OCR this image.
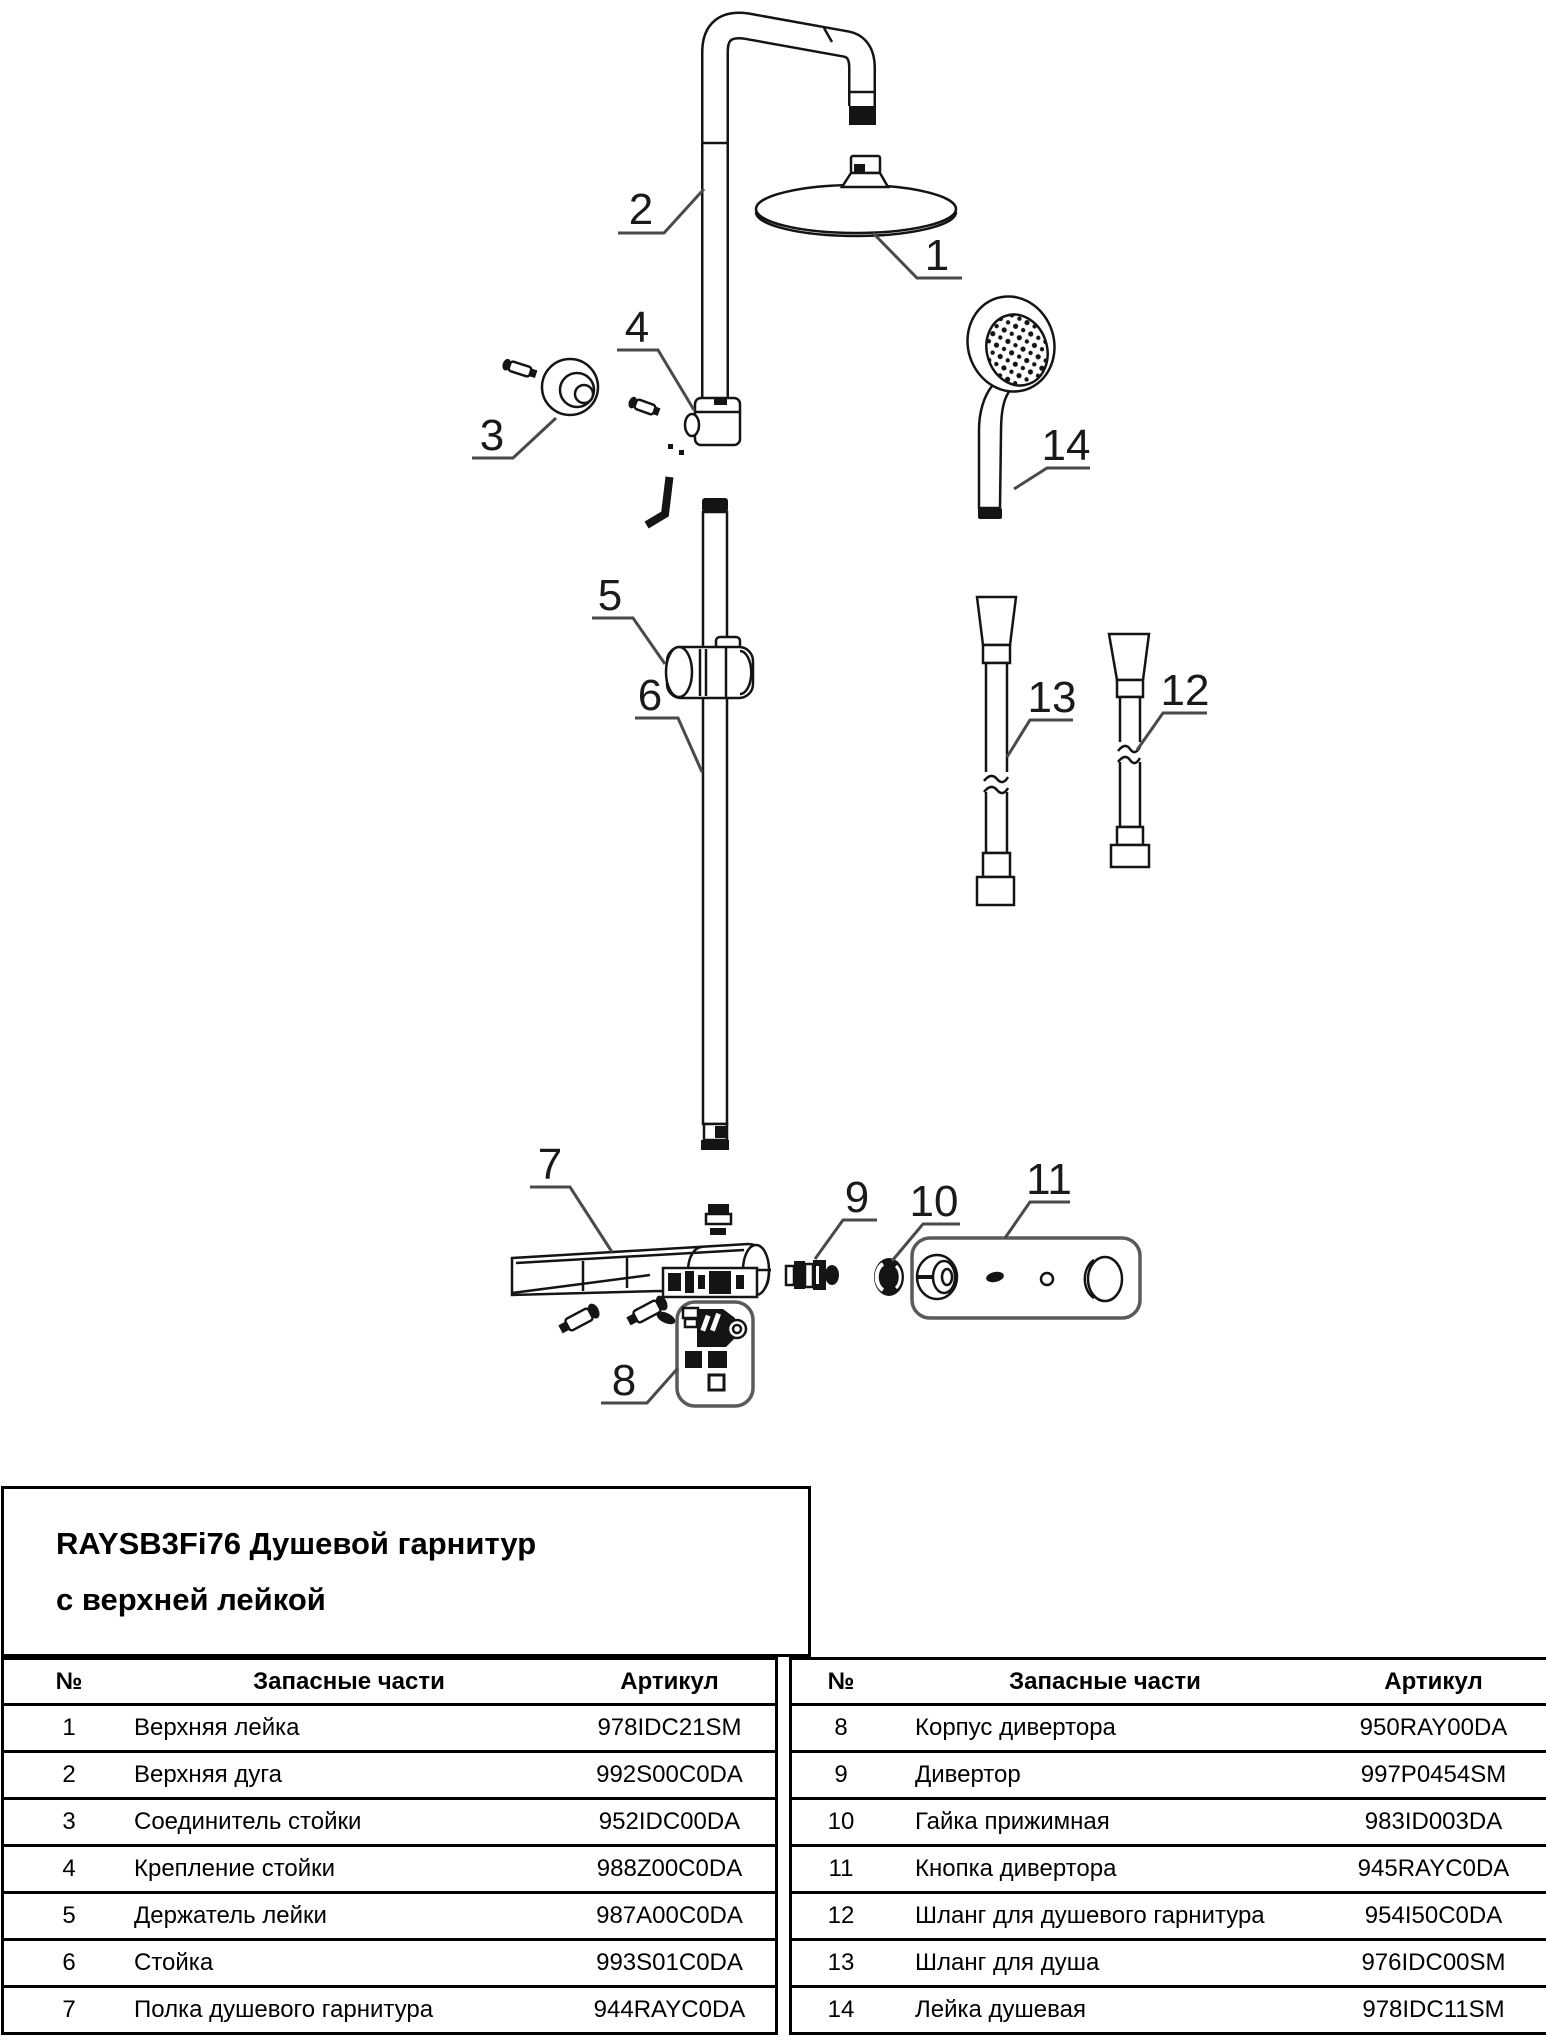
1
2
3
4
6
5
14
13 12
7
9 10 11
8
RAYSB3Fi76 Душевой гарнитур
с верхней лейкой
№	Запасные части	Артикул
1	Верхняя лейка	978IDC21SM
2	Верхняя дуга	992S00C0DA
3	Соединитель стойки	952IDC00DA
4	Крепление стойки	988Z00C0DA
5	Держатель лейки	987A00C0DA
6	Стойка	993S01C0DA
7	Полка душевого гарнитура	944RAYC0DA
№	Запасные части	Артикул
8	Корпус дивертора	950RAY00DA
9	Дивертор	997P0454SM
10	Гайка прижимная	983ID003DA
11	Кнопка дивертора	945RAYC0DA
12	Шланг для душевого гарнитура	954I50C0DA
13	Шланг для душа	976IDC00SM
14	Лейка душевая	978IDC11SM
